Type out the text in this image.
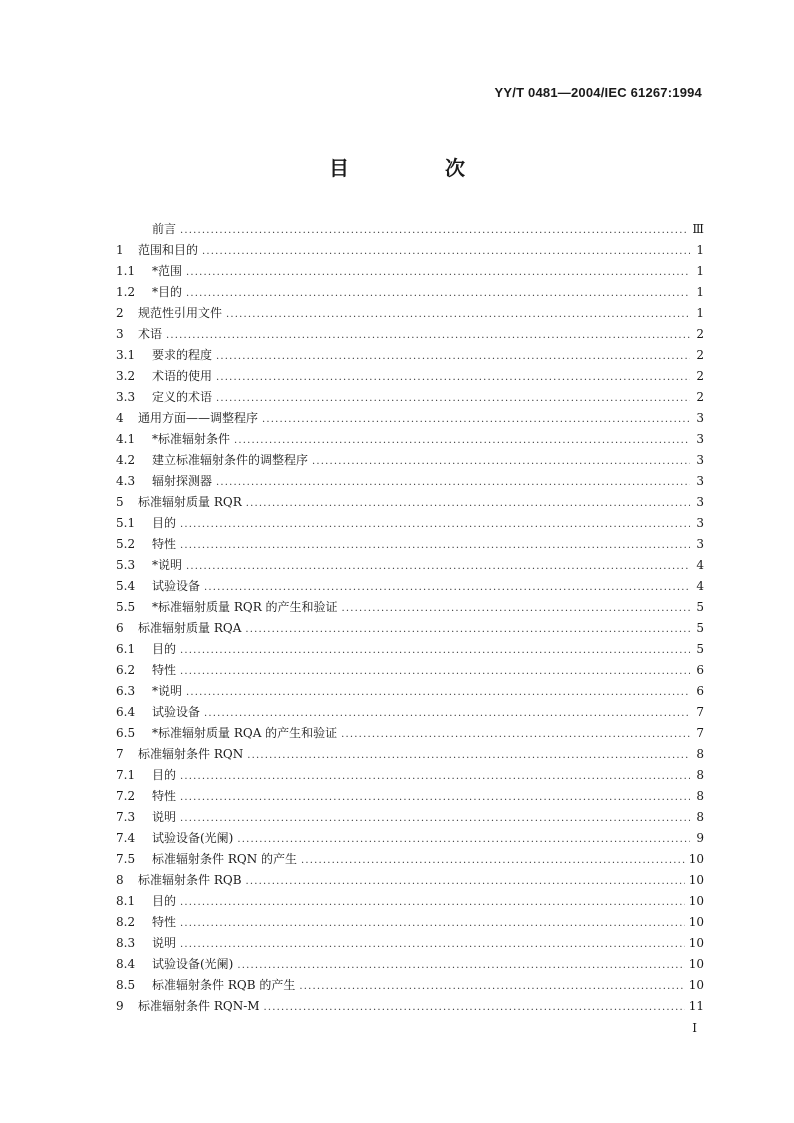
YY/T 0481—2004/IEC 61267:1994
目　次
前言 .....	Ⅲ
1	范围和目的 .....	1
1.1	*范围 .....	1
1.2	*目的 .....	1
2	规范性引用文件 .....	1
3	术语 .....	2
3.1	要求的程度 .....	2
3.2	术语的使用 .....	2
3.3	定义的术语 .....	2
4	通用方面——调整程序 .....	3
4.1	*标准辐射条件 .....	3
4.2	建立标准辐射条件的调整程序 .....	3
4.3	辐射探测器 .....	3
5	标准辐射质量 RQR .....	3
5.1	目的 .....	3
5.2	特性 .....	3
5.3	*说明 .....	4
5.4	试验设备 .....	4
5.5	*标准辐射质量 RQR 的产生和验证 .....	5
6	标准辐射质量 RQA .....	5
6.1	目的 .....	5
6.2	特性 .....	6
6.3	*说明 .....	6
6.4	试验设备 .....	7
6.5	*标准辐射质量 RQA 的产生和验证 .....	7
7	标准辐射条件 RQN .....	8
7.1	目的 .....	8
7.2	特性 .....	8
7.3	说明 .....	8
7.4	试验设备(光阑) .....	9
7.5	标准辐射条件 RQN 的产生 .....	10
8	标准辐射条件 RQB .....	10
8.1	目的 .....	10
8.2	特性 .....	10
8.3	说明 .....	10
8.4	试验设备(光阑) .....	10
8.5	标准辐射条件 RQB 的产生 .....	10
9	标准辐射条件 RQN-M .....	11
Ⅰ
